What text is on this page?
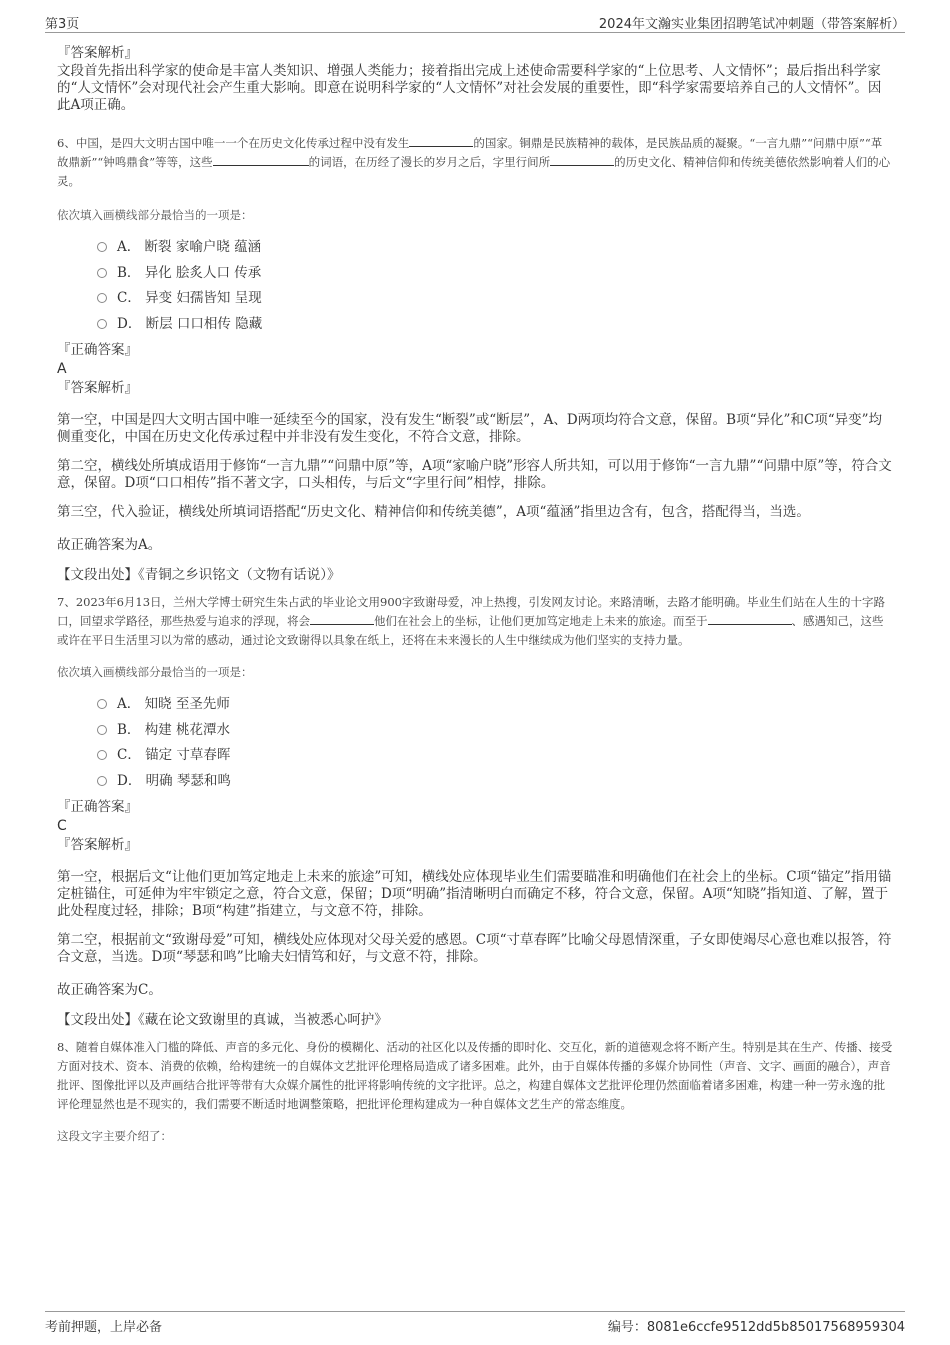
第3页	2024年文瀚实业集团招聘笔试冲刺题（带答案解析）
『答案解析』
文段首先指出科学家的使命是丰富人类知识、增强人类能力；接着指出完成上述使命需要科学家的“上位思考、人文情怀”；最后指出科学家的“人文情怀”会对现代社会产生重大影响。即意在说明科学家的“人文情怀”对社会发展的重要性，即“科学家需要培养自己的人文情怀”。因此A项正确。
6、中国，是四大文明古国中唯一一个在历史文化传承过程中没有发生	的国家。铜鼎是民族精神的载体，是民族品质的凝聚。“一言九鼎”“问鼎中原”“革故鼎新”“钟鸣鼎食”等等，这些	的词语，在历经了漫长的岁月之后，字里行间所	的历史文化、精神信仰和传统美德依然影响着人们的心灵。
依次填入画横线部分最恰当的一项是：
A． 断裂 家喻户晓 蕴涵
B． 异化 脍炙人口 传承
C． 异变 妇孺皆知 呈现
D． 断层 口口相传 隐藏
『正确答案』
A
『答案解析』
第一空，中国是四大文明古国中唯一延续至今的国家，没有发生“断裂”或“断层”，A、D两项均符合文意，保留。B项“异化”和C项“异变”均侧重变化，中国在历史文化传承过程中并非没有发生变化，不符合文意，排除。
第二空，横线处所填成语用于修饰“一言九鼎”“问鼎中原”等，A项“家喻户晓”形容人所共知，可以用于修饰“一言九鼎”“问鼎中原”等，符合文意，保留。D项“口口相传”指不著文字，口头相传，与后文“字里行间”相悖，排除。
第三空，代入验证，横线处所填词语搭配“历史文化、精神信仰和传统美德”，A项“蕴涵”指里边含有，包含，搭配得当，当选。
故正确答案为A。
【文段出处】《青铜之乡识铭文（文物有话说）》
7、2023年6月13日，兰州大学博士研究生朱占武的毕业论文用900字致谢母爱，冲上热搜，引发网友讨论。来路清晰，去路才能明确。毕业生们站在人生的十字路口，回望求学路径，那些热爱与追求的浮现，将会	他们在社会上的坐标，让他们更加笃定地走上未来的旅途。而至于	、感遇知己，这些或许在平日生活里习以为常的感动，通过论文致谢得以具象在纸上，还将在未来漫长的人生中继续成为他们坚实的支持力量。
依次填入画横线部分最恰当的一项是：
A． 知晓 至圣先师
B． 构建 桃花潭水
C． 锚定 寸草春晖
D． 明确 琴瑟和鸣
『正确答案』
C
『答案解析』
第一空，根据后文“让他们更加笃定地走上未来的旅途”可知，横线处应体现毕业生们需要瞄准和明确他们在社会上的坐标。C项“锚定”指用锚定桩锚住，可延伸为牢牢锁定之意，符合文意，保留；D项“明确”指清晰明白而确定不移，符合文意，保留。A项“知晓”指知道、了解，置于此处程度过轻，排除；B项“构建”指建立，与文意不符，排除。
第二空，根据前文“致谢母爱”可知，横线处应体现对父母关爱的感恩。C项“寸草春晖”比喻父母恩情深重，子女即使竭尽心意也难以报答，符合文意，当选。D项“琴瑟和鸣”比喻夫妇情笃和好，与文意不符，排除。
故正确答案为C。
【文段出处】《藏在论文致谢里的真诚，当被悉心呵护》
8、随着自媒体准入门槛的降低、声音的多元化、身份的模糊化、活动的社区化以及传播的即时化、交互化，新的道德观念将不断产生。特别是其在生产、传播、接受方面对技术、资本、消费的依赖，给构建统一的自媒体文艺批评伦理格局造成了诸多困难。此外，由于自媒体传播的多媒介协同性（声音、文字、画面的融合），声音批评、图像批评以及声画结合批评等带有大众媒介属性的批评将影响传统的文字批评。总之，构建自媒体文艺批评伦理仍然面临着诸多困难，构建一种一劳永逸的批评伦理显然也是不现实的，我们需要不断适时地调整策略，把批评伦理构建成为一种自媒体文艺生产的常态维度。
这段文字主要介绍了：
考前押题，上岸必备	编号：8081e6ccfe9512dd5b85017568959304
